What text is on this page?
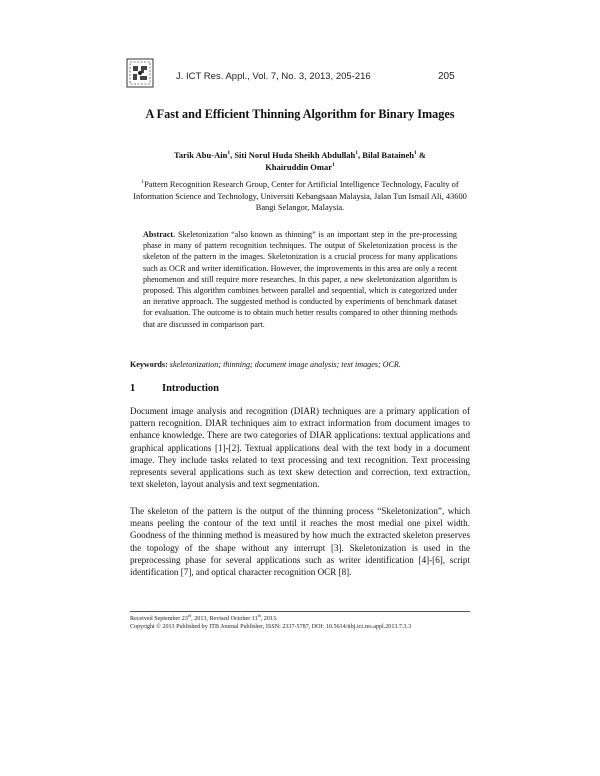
J. ICT Res. Appl., Vol. 7, No. 3, 2013, 205-216	205
A Fast and Efficient Thinning Algorithm for Binary Images
Tarik Abu-Ain$^1$, Siti Norul Huda Sheikh Abdullah$^1$, Bilal Bataineh$^1$ &
Khairuddin Omar$^1$
$^1$Pattern Recognition Research Group, Center for Artificial Intelligence Technology, Faculty of Information Science and Technology, Universiti Kebangsaan Malaysia, Jalan Tun Ismail Ali, 43600 Bangi Selangor, Malaysia.
Abstract. Skeletonization “also known as thinning” is an important step in the pre-processing phase in many of pattern recognition techniques. The output of Skeletonization process is the skeleton of the pattern in the images. Skeletonization is a crucial process for many applications such as OCR and writer identification. However, the improvements in this area are only a recent phenomenon and still require more researches. In this paper, a new skeletonization algorithm is proposed. This algorithm combines between parallel and sequential, which is categorized under an iterative approach. The suggested method is conducted by experiments of benchmark dataset for evaluation. The outcome is to obtain much better results compared to other thinning methods that are discussed in comparison part.
Keywords: skeletonization; thinning; document image analysis; text images; OCR.
1	Introduction
Document image analysis and recognition (DIAR) techniques are a primary application of pattern recognition. DIAR techniques aim to extract information from document images to enhance knowledge. There are two categories of DIAR applications: textual applications and graphical applications [1]-[2]. Textual applications deal with the text body in a document image. They include tasks related to text processing and text recognition. Text processing represents several applications such as text skew detection and correction, text extraction, text skeleton, layout analysis and text segmentation.
The skeleton of the pattern is the output of the thinning process “Skeletonization”, which means peeling the contour of the text until it reaches the most medial one pixel width. Goodness of the thinning method is measured by how much the extracted skeleton preserves the topology of the shape without any interrupt [3]. Skeletonization is used in the preprocessing phase for several applications such as writer identification [4]-[6], script identification [7], and optical character recognition OCR [8].
Received September 23rd, 2013, Revised October 11th, 2013.
Copyright © 2013 Published by ITB Journal Publisher, ISSN: 2337-5787, DOI: 10.5614/itbj.ict.res.appl.2013.7.3.3
